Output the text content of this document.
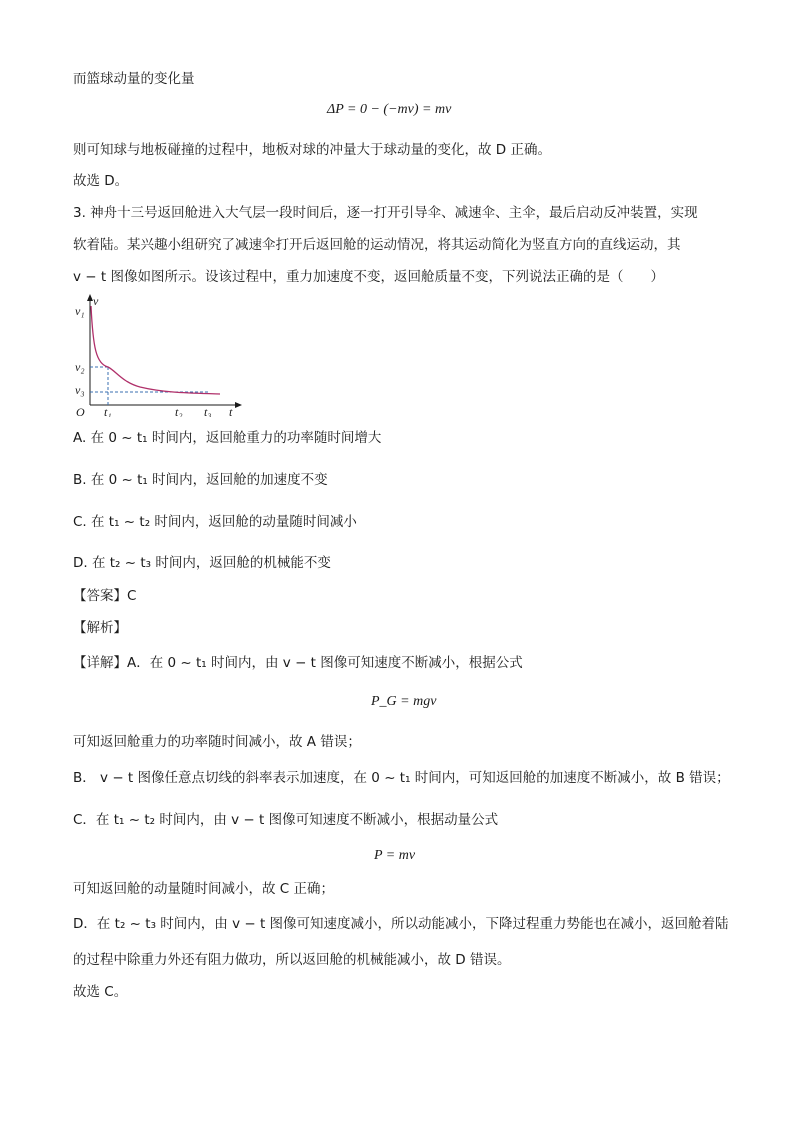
而篮球动量的变化量
ΔP = 0 − (−mv) = mv
则可知球与地板碰撞的过程中，地板对球的冲量大于球动量的变化，故 D 正确。
故选 D。
3. 神舟十三号返回舱进入大气层一段时间后，逐一打开引导伞、减速伞、主伞，最后启动反冲装置，实现
软着陆。某兴趣小组研究了减速伞打开后返回舱的运动情况，将其运动简化为竖直方向的直线运动，其
v − t 图像如图所示。设该过程中，重力加速度不变，返回舱质量不变，下列说法正确的是（　　）
v₁
v
v₂
v₃
O t₁	t₂ t₃ t
A. 在 0 ~ t₁ 时间内，返回舱重力的功率随时间增大
B. 在 0 ~ t₁ 时间内，返回舱的加速度不变
C. 在 t₁ ~ t₂ 时间内，返回舱的动量随时间减小
D. 在 t₂ ~ t₃ 时间内，返回舱的机械能不变
【答案】C
【解析】
【详解】A．在 0 ~ t₁ 时间内，由 v − t 图像可知速度不断减小，根据公式
P_G = mgv
可知返回舱重力的功率随时间减小，故 A 错误；
B． v − t 图像任意点切线的斜率表示加速度，在 0 ~ t₁ 时间内，可知返回舱的加速度不断减小，故 B 错误；
C．在 t₁ ~ t₂ 时间内，由 v − t 图像可知速度不断减小，根据动量公式
P = mv
可知返回舱的动量随时间减小，故 C 正确；
D．在 t₂ ~ t₃ 时间内，由 v − t 图像可知速度减小，所以动能减小，下降过程重力势能也在减小，返回舱着陆
的过程中除重力外还有阻力做功，所以返回舱的机械能减小，故 D 错误。
故选 C。
